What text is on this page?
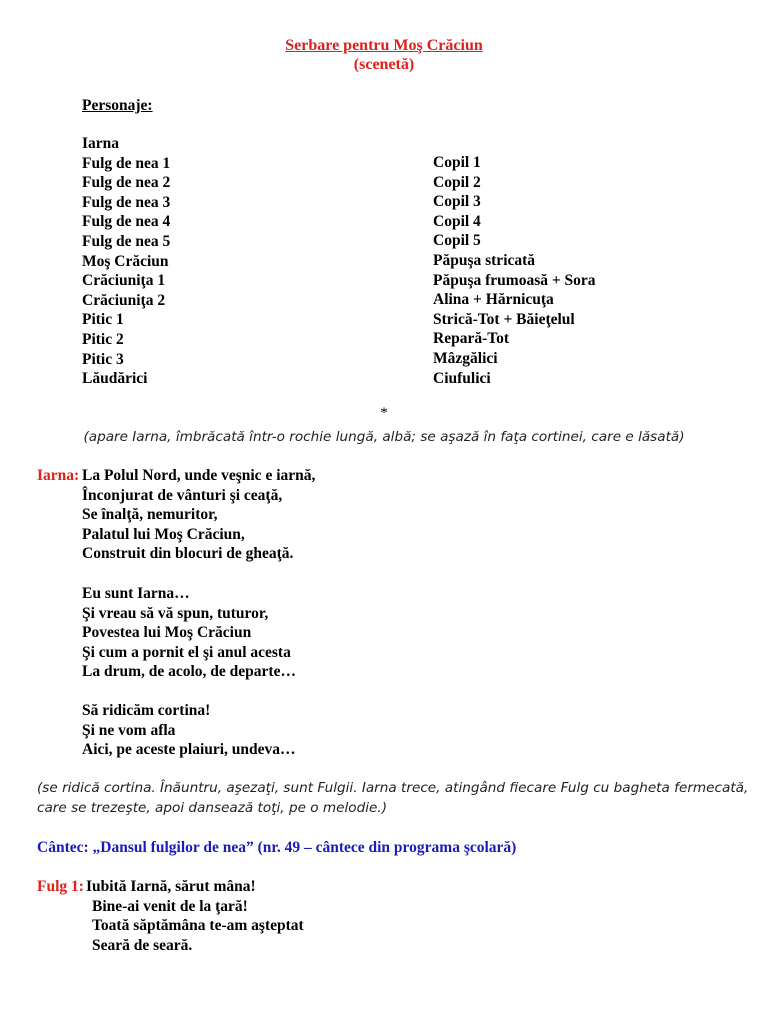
Serbare pentru Moş Crăciun
(scenetă)
Personaje:
Iarna
Fulg de nea 1
Fulg de nea 2
Fulg de nea 3
Fulg de nea 4
Fulg de nea 5
Moş Crăciun
Crăciuniţa 1
Crăciuniţa 2
Pitic 1
Pitic 2
Pitic 3
Lăudărici
Copil 1
Copil 2
Copil 3
Copil 4
Copil 5
Păpuşa stricată
Păpuşa frumoasă + Sora
Alina + Hărnicuţa
Strică-Tot + Băieţelul
Repară-Tot
Mâzgălici
Ciufulici
*
(apare Iarna, îmbrăcată într-o rochie lungă, albă; se aşază în faţa cortinei, care e lăsată)
Iarna: La Polul Nord, unde veşnic e iarnă,
Înconjurat de vânturi şi ceaţă,
Se înalţă, nemuritor,
Palatul lui Moş Crăciun,
Construit din blocuri de gheaţă.
Eu sunt Iarna…
Şi vreau să vă spun, tuturor,
Povestea lui Moş Crăciun
Şi cum a pornit el şi anul acesta
La drum, de acolo, de departe…
Să ridicăm cortina!
Şi ne vom afla
Aici, pe aceste plaiuri, undeva…
(se ridică cortina. Înăuntru, aşezaţi, sunt Fulgii. Iarna trece, atingând fiecare Fulg cu bagheta fermecată, care se trezeşte, apoi dansează toţi, pe o melodie.)
Cântec: „Dansul fulgilor de nea” (nr. 49 – cântece din programa şcolară)
Fulg 1: Iubită Iarnă, sărut mâna!
Bine-ai venit de la ţară!
Toată săptămâna te-am aşteptat
Seară de seară.
